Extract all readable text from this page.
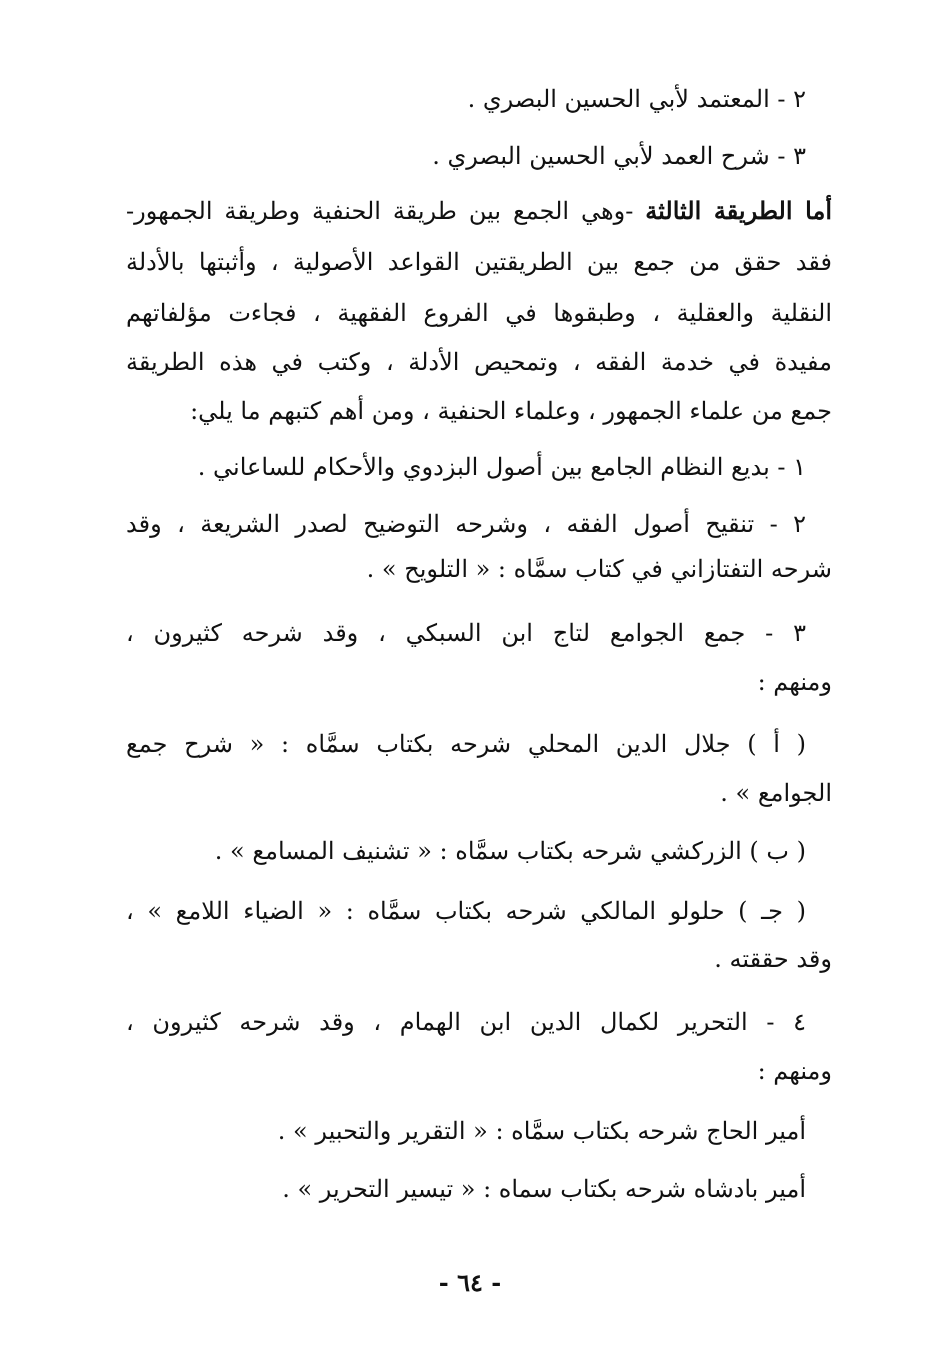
٢ - المعتمد لأبي الحسين البصري .
٣ - شرح العمد لأبي الحسين البصري .
أما الطريقة الثالثة -وهي الجمع بين طريقة الحنفية وطريقة الجمهور-
فقد حقق من جمع بين الطريقتين القواعد الأصولية ، وأثبتها بالأدلة
النقلية والعقلية ، وطبقوها في الفروع الفقهية ، فجاءت مؤلفاتهم
مفيدة في خدمة الفقه ، وتمحيص الأدلة ، وكتب في هذه الطريقة
جمع من علماء الجمهور ، وعلماء الحنفية ، ومن أهم كتبهم ما يلي:
١ - بديع النظام الجامع بين أصول البزدوي والأحكام للساعاني .
٢ - تنقيح أصول الفقه ، وشرحه التوضيح لصدر الشريعة ، وقد
شرحه التفتازاني في كتاب سمَّاه : « التلويح » .
٣ - جمع الجوامع لتاج ابن السبكي ، وقد شرحه كثيرون ،
ومنهم :
( أ ) جلال الدين المحلي شرحه بكتاب سمَّاه : « شرح جمع
الجوامع » .
( ب ) الزركشي شرحه بكتاب سمَّاه : « تشنيف المسامع » .
( جـ ) حلولو المالكي شرحه بكتاب سمَّاه : « الضياء اللامع » ،
وقد حققته .
٤ - التحرير لكمال الدين ابن الهمام ، وقد شرحه كثيرون ،
ومنهم :
أمير الحاج شرحه بكتاب سمَّاه : « التقرير والتحبير » .
أمير بادشاه شرحه بكتاب سماه : « تيسير التحرير » .
- ٦٤ -
